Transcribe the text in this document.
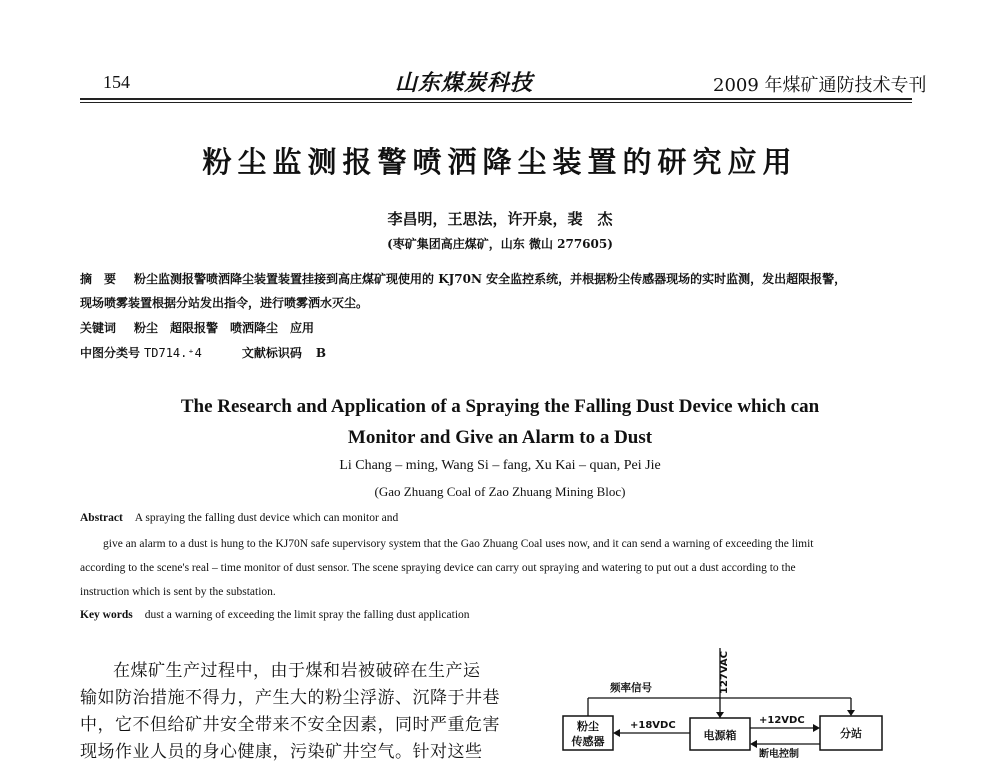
154	山东煤炭科技	2009 年煤矿通防技术专刊
粉尘监测报警喷洒降尘装置的研究应用
李昌明，王思法，许开泉，裴　杰
(枣矿集团高庄煤矿，山东 微山 277605)
摘　要 粉尘监测报警喷洒降尘装置装置挂接到高庄煤矿现使用的 KJ70N 安全监控系统，并根据粉尘传感器现场的实时监测，发出超限报警，
现场喷雾装置根据分站发出指令，进行喷雾洒水灭尘。
关键词 粉尘　超限报警　喷洒降尘　应用
中图分类号 TD714.⁺4	文献标识码 B
The Research and Application of a Spraying the Falling Dust Device which can
Monitor and Give an Alarm to a Dust
Li Chang – ming, Wang Si – fang, Xu Kai – quan, Pei Jie
(Gao Zhuang Coal of Zao Zhuang Mining Bloc)
Abstract A spraying the falling dust device which can monitor and
give an alarm to a dust is hung to the KJ70N safe supervisory system that the Gao Zhuang Coal uses now, and it can send a warning of exceeding the limit
according to the scene's real – time monitor of dust sensor. The scene spraying device can carry out spraying and watering to put out a dust according to the
instruction which is sent by the substation.
Key words dust a warning of exceeding the limit spray the falling dust application
在煤矿生产过程中，由于煤和岩被破碎在生产运
输如防治措施不得力，产生大的粉尘浮游、沉降于井巷
中，它不但给矿井安全带来不安全因素，同时严重危害
现场作业人员的身心健康，污染矿井空气。针对这些
粉尘
传感器	电源箱	分站
频率信号	127VAC
+18VDC	+12VDC
断电控制
